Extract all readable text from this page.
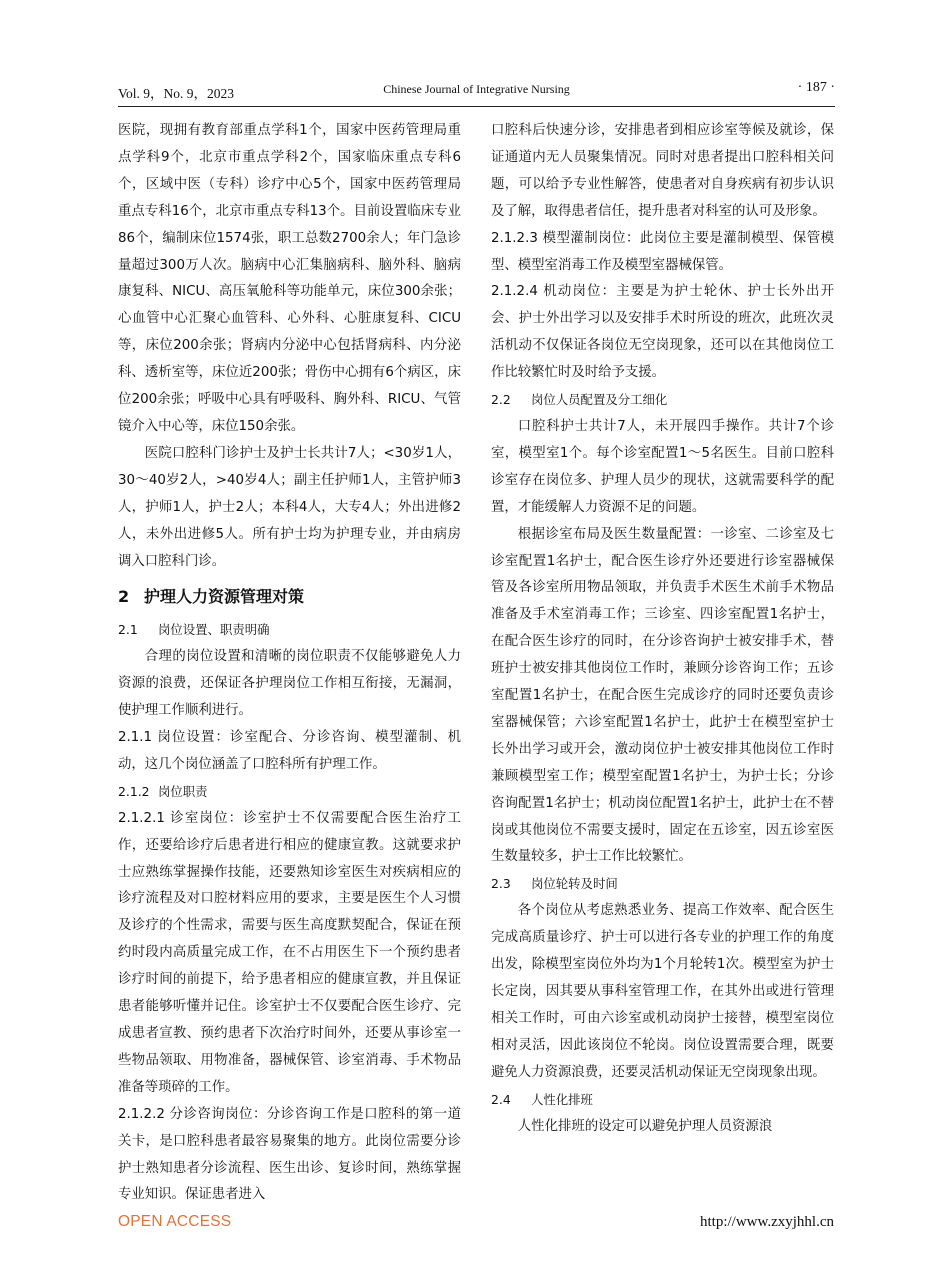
Vol. 9，No. 9，2023	Chinese Journal of Integrative Nursing	· 187 ·

医院，现拥有教育部重点学科1个，国家中医药管理局重点学科9个，北京市重点学科2个，国家临床重点专科6个，区域中医（专科）诊疗中心5个，国家中医药管理局重点专科16个，北京市重点专科13个。目前设置临床专业86个，编制床位1574张，职工总数2700余人；年门急诊量超过300万人次。脑病中心汇集脑病科、脑外科、脑病康复科、NICU、高压氧舱科等功能单元，床位300余张；心血管中心汇聚心血管科、心外科、心脏康复科、CICU等，床位200余张；肾病内分泌中心包括肾病科、内分泌科、透析室等，床位近200张；骨伤中心拥有6个病区，床位200余张；呼吸中心具有呼吸科、胸外科、RICU、气管镜介入中心等，床位150余张。

医院口腔科门诊护士及护士长共计7人；<30岁1人，30～40岁2人，>40岁4人；副主任护师1人，主管护师3人，护师1人，护士2人；本科4人，大专4人；外出进修2人，未外出进修5人。所有护士均为护理专业，并由病房调入口腔科门诊。

2 护理人力资源管理对策
2.1 岗位设置、职责明确

合理的岗位设置和清晰的岗位职责不仅能够避免人力资源的浪费，还保证各护理岗位工作相互衔接，无漏洞，使护理工作顺利进行。

2.1.1 岗位设置：诊室配合、分诊咨询、模型灌制、机动，这几个岗位涵盖了口腔科所有护理工作。

2.1.2 岗位职责

2.1.2.1 诊室岗位：诊室护士不仅需要配合医生治疗工作，还要给诊疗后患者进行相应的健康宣教。这就要求护士应熟练掌握操作技能，还要熟知诊室医生对疾病相应的诊疗流程及对口腔材料应用的要求，主要是医生个人习惯及诊疗的个性需求，需要与医生高度默契配合，保证在预约时段内高质量完成工作，在不占用医生下一个预约患者诊疗时间的前提下，给予患者相应的健康宣教，并且保证患者能够听懂并记住。诊室护士不仅要配合医生诊疗、完成患者宣教、预约患者下次治疗时间外，还要从事诊室一些物品领取、用物准备，器械保管、诊室消毒、手术物品准备等琐碎的工作。

2.1.2.2 分诊咨询岗位：分诊咨询工作是口腔科的第一道关卡，是口腔科患者最容易聚集的地方。此岗位需要分诊护士熟知患者分诊流程、医生出诊、复诊时间，熟练掌握专业知识。保证患者进入

口腔科后快速分诊，安排患者到相应诊室等候及就诊，保证通道内无人员聚集情况。同时对患者提出口腔科相关问题，可以给予专业性解答，使患者对自身疾病有初步认识及了解，取得患者信任，提升患者对科室的认可及形象。

2.1.2.3 模型灌制岗位：此岗位主要是灌制模型、保管模型、模型室消毒工作及模型室器械保管。

2.1.2.4 机动岗位：主要是为护士轮休、护士长外出开会、护士外出学习以及安排手术时所设的班次，此班次灵活机动不仅保证各岗位无空岗现象，还可以在其他岗位工作比较繁忙时及时给予支援。

2.2 岗位人员配置及分工细化

口腔科护士共计7人，未开展四手操作。共计7个诊室，模型室1个。每个诊室配置1～5名医生。目前口腔科诊室存在岗位多、护理人员少的现状，这就需要科学的配置，才能缓解人力资源不足的问题。

根据诊室布局及医生数量配置：一诊室、二诊室及七诊室配置1名护士，配合医生诊疗外还要进行诊室器械保管及各诊室所用物品领取，并负责手术医生术前手术物品准备及手术室消毒工作；三诊室、四诊室配置1名护士，在配合医生诊疗的同时，在分诊咨询护士被安排手术，替班护士被安排其他岗位工作时，兼顾分诊咨询工作；五诊室配置1名护士，在配合医生完成诊疗的同时还要负责诊室器械保管；六诊室配置1名护士，此护士在模型室护士长外出学习或开会，激动岗位护士被安排其他岗位工作时兼顾模型室工作；模型室配置1名护士，为护士长；分诊咨询配置1名护士；机动岗位配置1名护士，此护士在不替岗或其他岗位不需要支援时，固定在五诊室，因五诊室医生数量较多，护士工作比较繁忙。

2.3 岗位轮转及时间

各个岗位从考虑熟悉业务、提高工作效率、配合医生完成高质量诊疗、护士可以进行各专业的护理工作的角度出发，除模型室岗位外均为1个月轮转1次。模型室为护士长定岗，因其要从事科室管理工作，在其外出或进行管理相关工作时，可由六诊室或机动岗护士接替，模型室岗位相对灵活，因此该岗位不轮岗。岗位设置需要合理，既要避免人力资源浪费，还要灵活机动保证无空岗现象出现。

2.4 人性化排班

人性化排班的设定可以避免护理人员资源浪

OPEN ACCESS	http://www.zxyjhhl.cn
